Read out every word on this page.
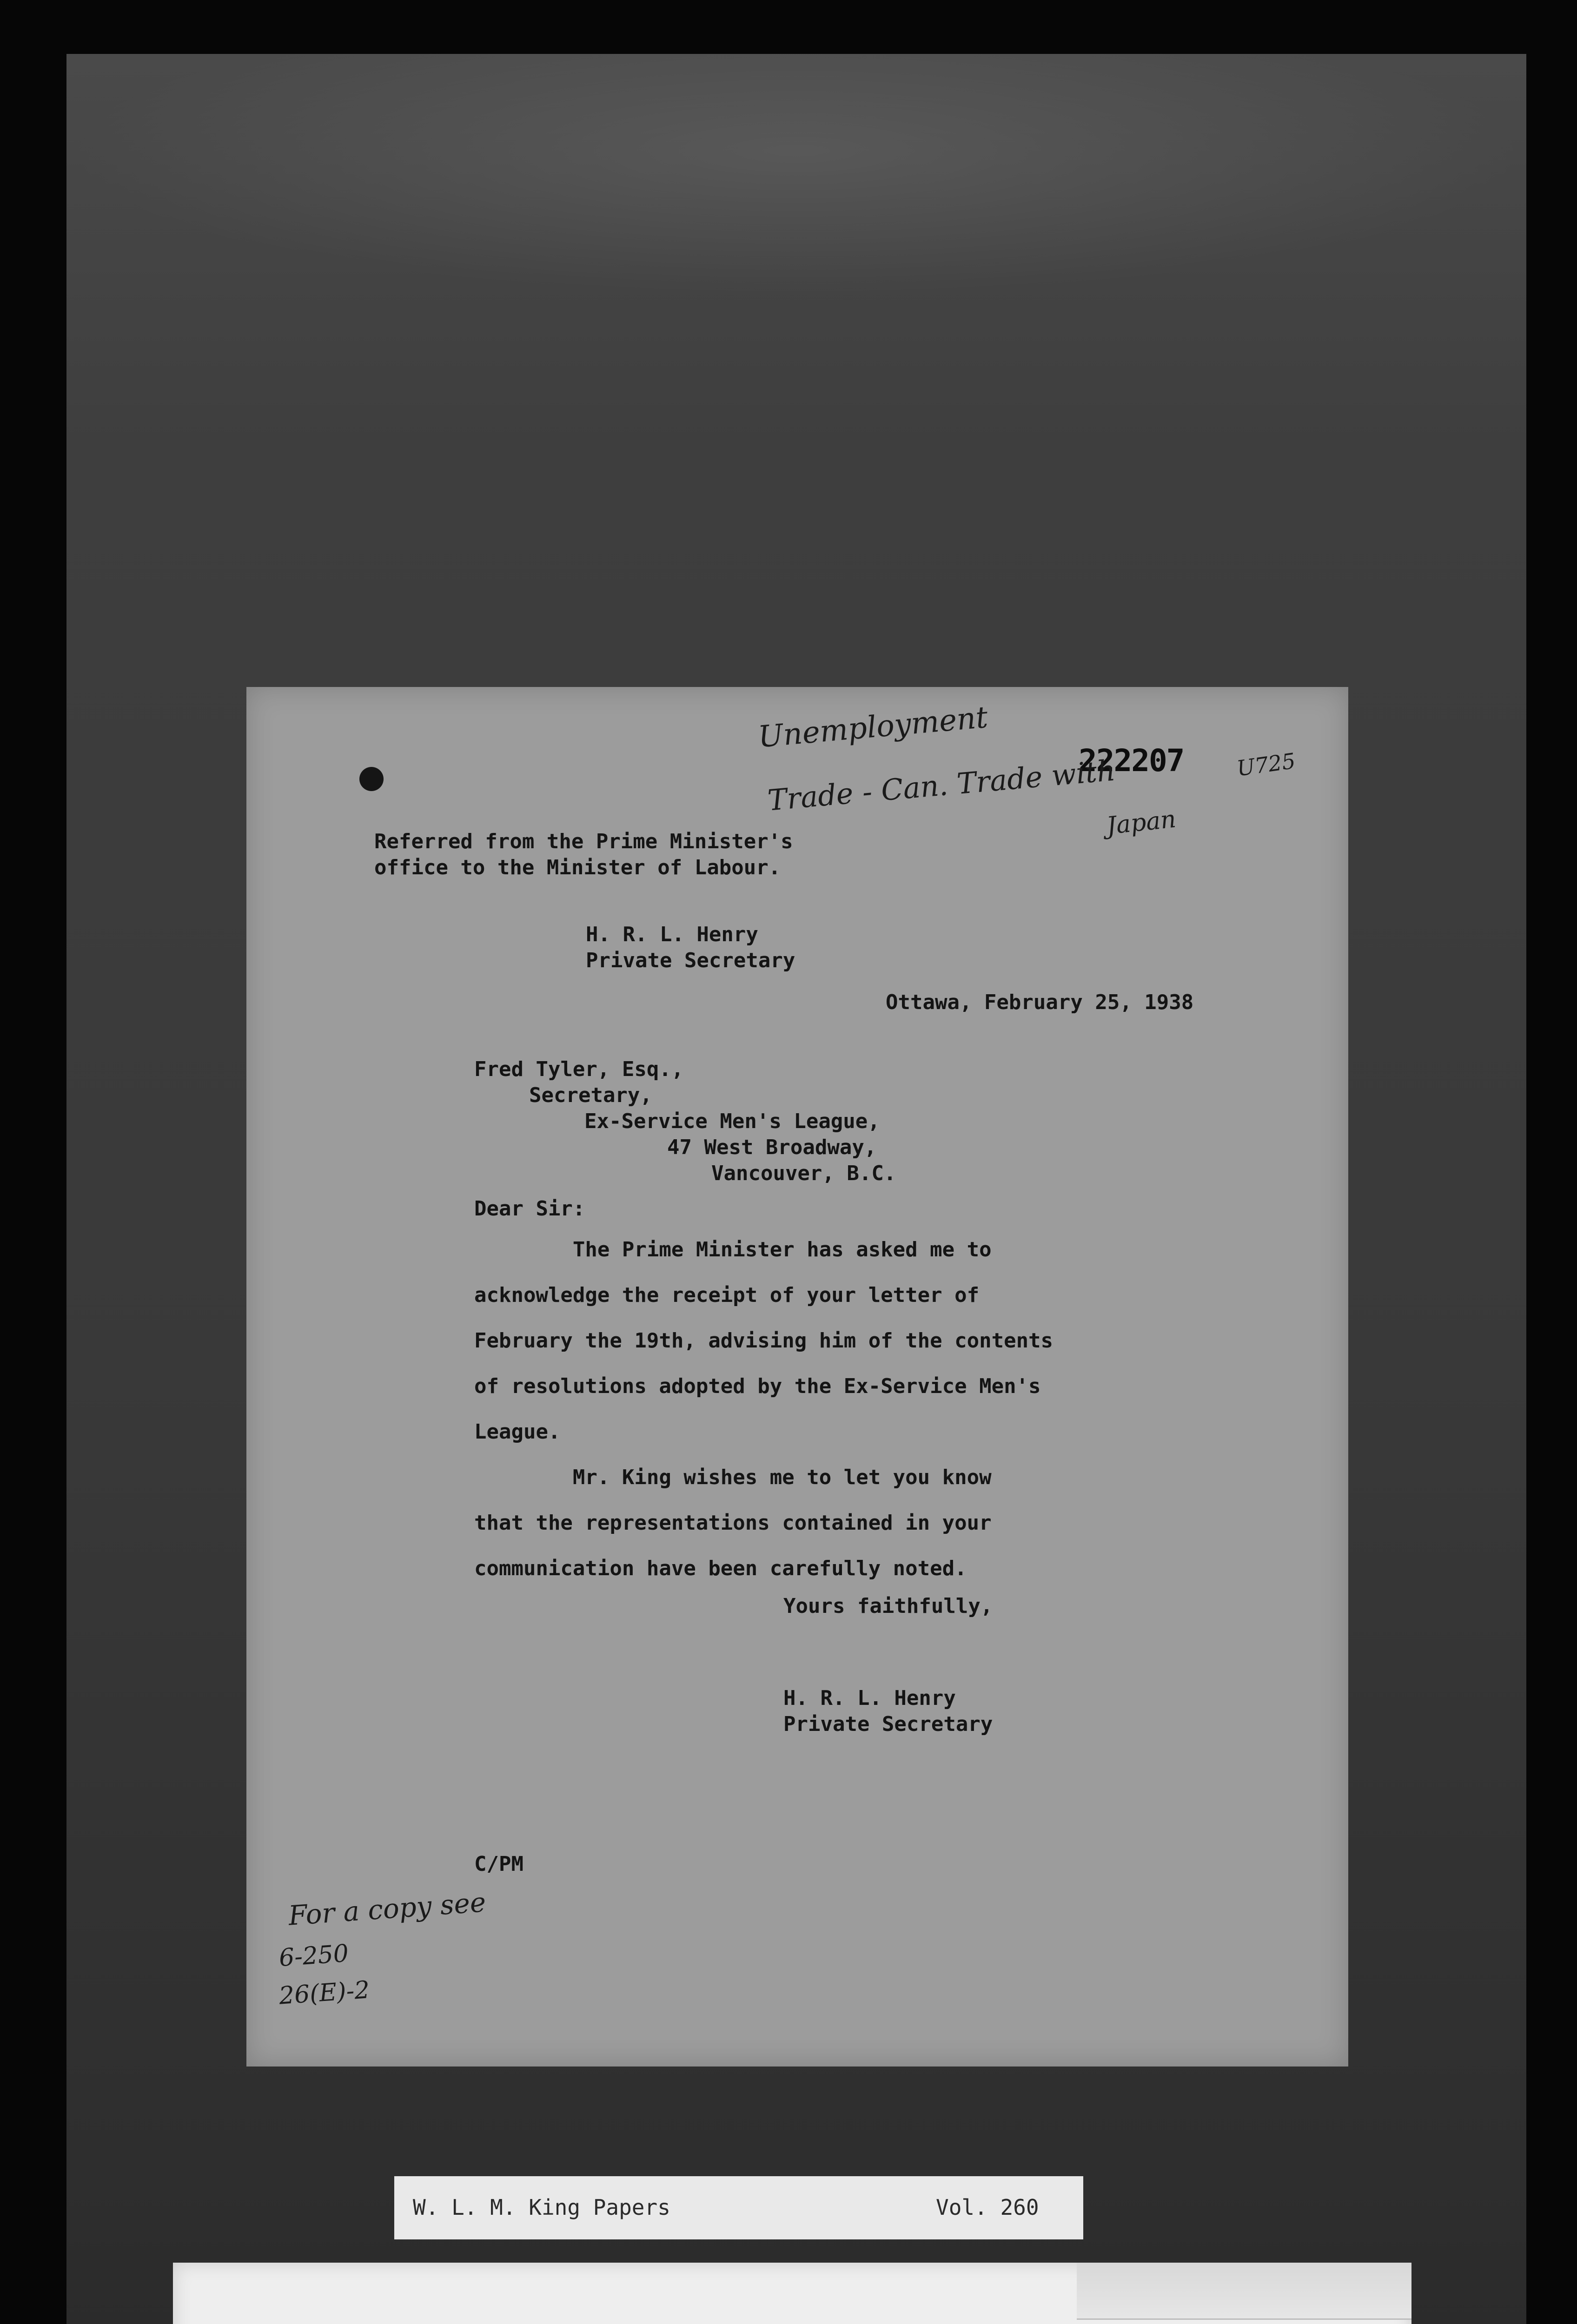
Unemployment

222207 U725

Trade - Can. Trade with

Japan

Referred from the Prime Minister's

office to the Minister of Labour.

H. R. L. Henry

Private Secretary

Ottawa, February 25, 1938

Fred Tyler, Esq.,

Secretary,

Ex-Service Men's League,

47 West Broadway,

Vancouver, B.C.

Dear Sir:

The Prime Minister has asked me to

acknowledge the receipt of your letter of

February the 19th, advising him of the contents

of resolutions adopted by the Ex-Service Men's

League.

Mr. King wishes me to let you know

that the representations contained in your

communication have been carefully noted.

Yours faithfully,

H. R. L. Henry

Private Secretary

C/PM

For a copy see

6-250

26(E)-2

W. L. M. King Papers	Vol. 260
